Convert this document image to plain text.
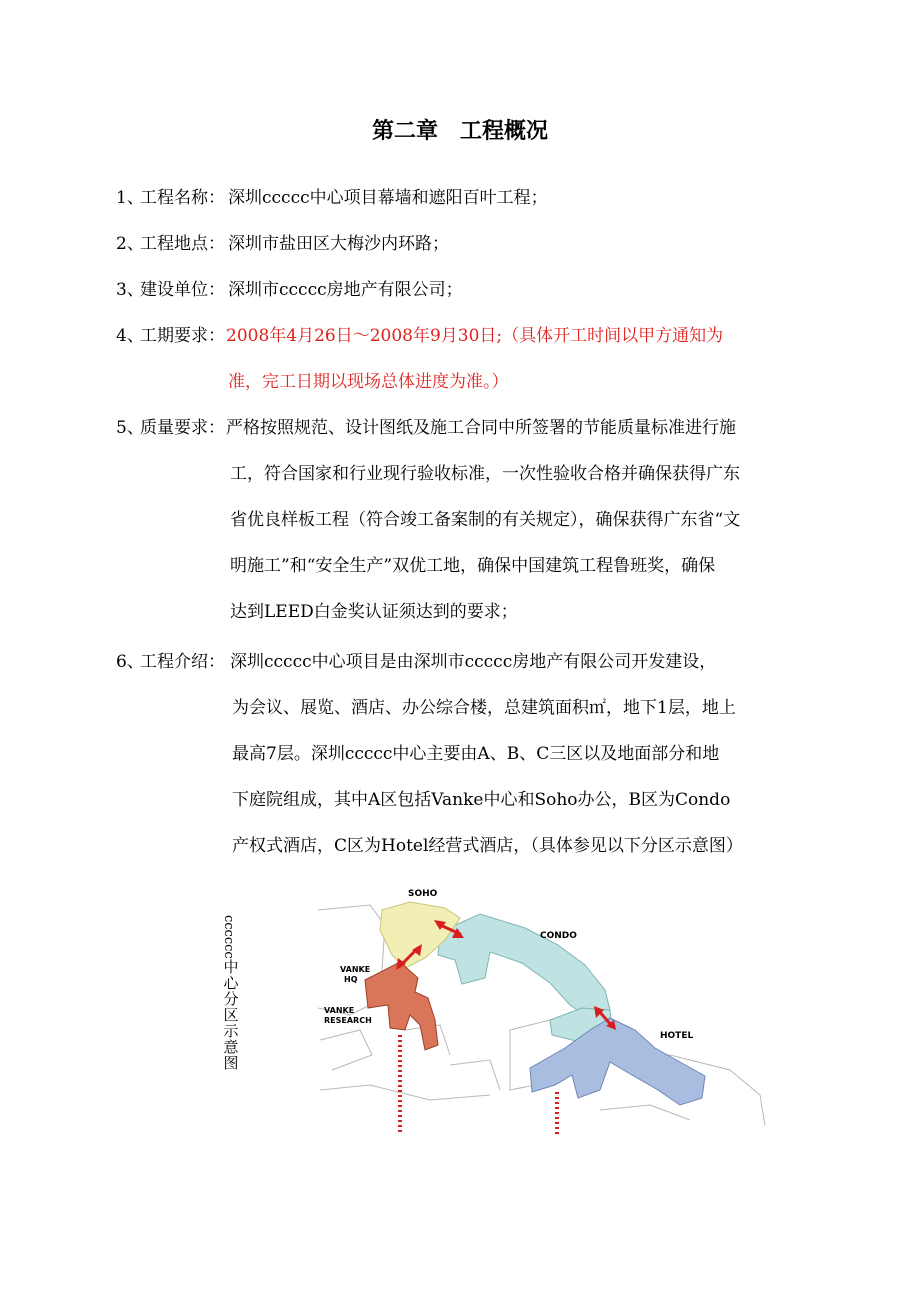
第二章　工程概况
1、
工程名称： 深圳ccccc中心项目幕墙和遮阳百叶工程；
2、
工程地点： 深圳市盐田区大梅沙内环路；
3、
建设单位： 深圳市ccccc房地产有限公司；
4、
工期要求： 2008年4月26日～2008年9月30日;（具体开工时间以甲方通知为
准，完工日期以现场总体进度为准。）
5、
质量要求： 严格按照规范、设计图纸及施工合同中所签署的节能质量标准进行施
工，符合国家和行业现行验收标准，一次性验收合格并确保获得广东
省优良样板工程（符合竣工备案制的有关规定），确保获得广东省“文
明施工”和“安全生产”双优工地，确保中国建筑工程鲁班奖，确保
达到LEED白金奖认证须达到的要求；
6、
工程介绍： 深圳ccccc中心项目是由深圳市ccccc房地产有限公司开发建设，
为会议、展览、酒店、办公综合楼，总建筑面积㎡，地下1层，地上
最高7层。深圳ccccc中心主要由A、B、C三区以及地面部分和地
下庭院组成，其中A区包括Vanke中心和Soho办公，B区为Condo
产权式酒店，C区为Hotel经营式酒店，（具体参见以下分区示意图）
cccccc
中心分区示意图
SOHO
CONDO
HOTEL
VANKE
HQ
VANKE
RESEARCH
